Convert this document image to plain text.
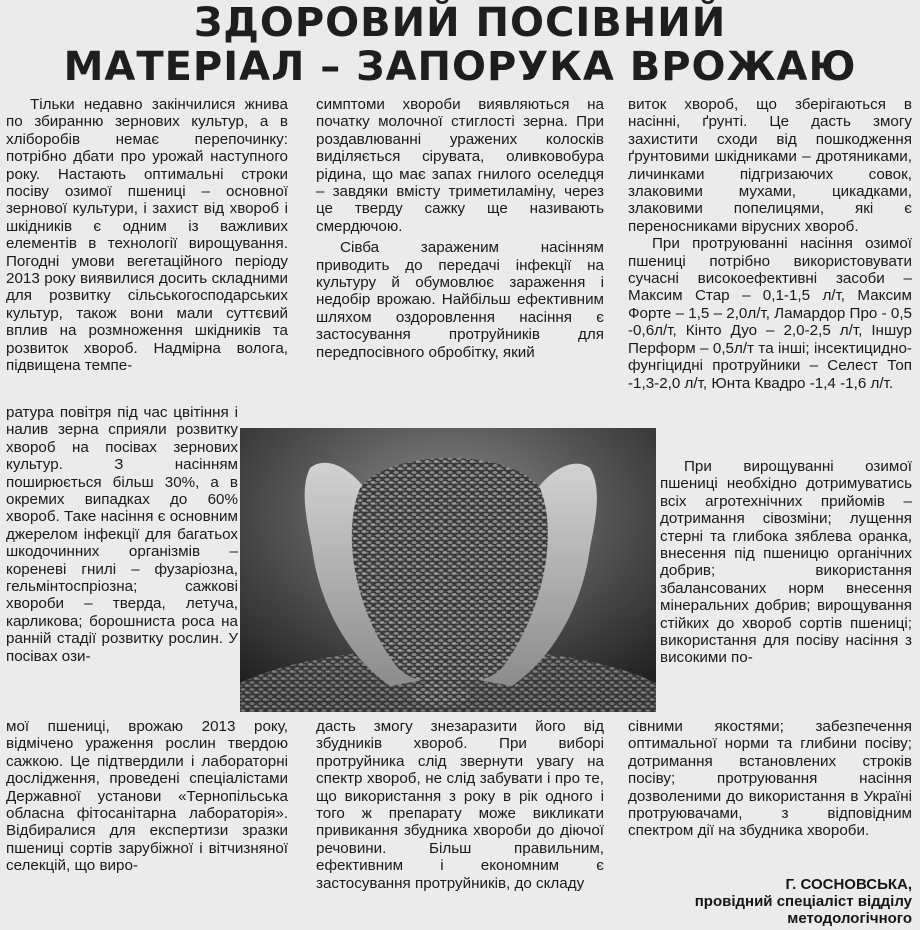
ЗДОРОВИЙ ПОСІВНИЙ
МАТЕРІАЛ – ЗАПОРУКА ВРОЖАЮ

Тільки недавно закінчилися жнива по збиранню зернових культур, а в хліборобів немає перепочинку: потрібно дбати про урожай наступного року. Настають оптимальні строки посіву озимої пшениці – основної зернової культури, і захист від хвороб і шкідників є одним із важливих елементів в технології вирощування. Погодні умови вегетаційного періоду 2013 року виявилися досить складними для розвитку сільськогосподарських культур, також вони мали суттєвий вплив на розмноження шкідників та розвиток хвороб. Надмірна волога, підвищена темпе-

ратура повітря під час цвітіння і налив зерна сприяли розвитку хвороб на посівах зернових культур. З насінням поширюється більш 30%, а в окремих випадках до 60% хвороб. Таке насіння є основним джерелом інфекції для багатьох шкодочинних організмів – кореневі гнилі – фузаріозна, гельмінтоспріозна; сажкові хвороби – тверда, летуча, карликова; борошниста роса на ранній стадії розвитку рослин. У посівах ози-

мої пшениці, врожаю 2013 року, відмічено ураження рослин твердою сажкою. Це підтвердили і лабораторні дослідження, проведені спеціалістами Державної установи «Тернопільська обласна фітосанітарна лабораторія». Відбиралися для експертизи зразки пшениці сортів зарубіжної і вітчизняної селекцій, що виро-

симптоми хвороби виявляються на початку молочної стиглості зерна. При роздавлюванні уражених колосків виділяється сірувата, оливковобура рідина, що має запах гнилого оселедця – завдяки вмісту триметиламіну, через це тверду сажку ще називають смердючою.

Сівба зараженим насінням приводить до передачі інфекції на культуру й обумовлює зараження і недобір врожаю. Найбільш ефективним шляхом оздоровлення насіння є застосування протруйників для передпосівного обробітку, який

дасть змогу знезаразити його від збудників хвороб. При виборі протруйника слід звернути увагу на спектр хвороб, не слід забувати і про те, що використання з року в рік одного і того ж препарату може викликати привикання збудника хвороби до діючої речовини. Більш правильним, ефективним і економним є застосування протруйників, до складу

виток хвороб, що зберігаються в насінні, ґрунті. Це дасть змогу захистити сходи від пошкодження ґрунтовими шкідниками – дротяниками, личинками підгризаючих совок, злаковими мухами, цикадками, злаковими попелицями, які є переносниками вірусних хвороб.

При протруюванні насіння озимої пшениці потрібно використовувати сучасні високоефективні засоби – Максим Стар – 0,1-1,5 л/т, Максим Форте – 1,5 – 2,0л/т, Ламардор Про - 0,5 -0,6л/т, Кінто Дуо – 2,0-2,5 л/т, Іншур Перформ – 0,5л/т та інші; інсектицидно-фунгіцидні протруйники – Селест Топ -1,3-2,0 л/т, Юнта Квадро -1,4 -1,6 л/т.

При вирощуванні озимої пшениці необхідно дотримуватись всіх агротехнічних прийомів – дотримання сівозміни; лущення стерні та глибока зяблева оранка, внесення під пшеницю органічних добрив; використання збалансованих норм внесення мінеральних добрив; вирощування стійких до хвороб сортів пшениці; використання для посіву насіння з високими по-

сівними якостями; забезпечення оптимальної норми та глибини посіву; дотримання встановлених строків посіву; протруювання насіння дозволеними до використання в Україні протруювачами, з відповідним спектром дії на збудника хвороби.

Г. СОСНОВСЬКА,
провідний спеціаліст відділу
методологічного
